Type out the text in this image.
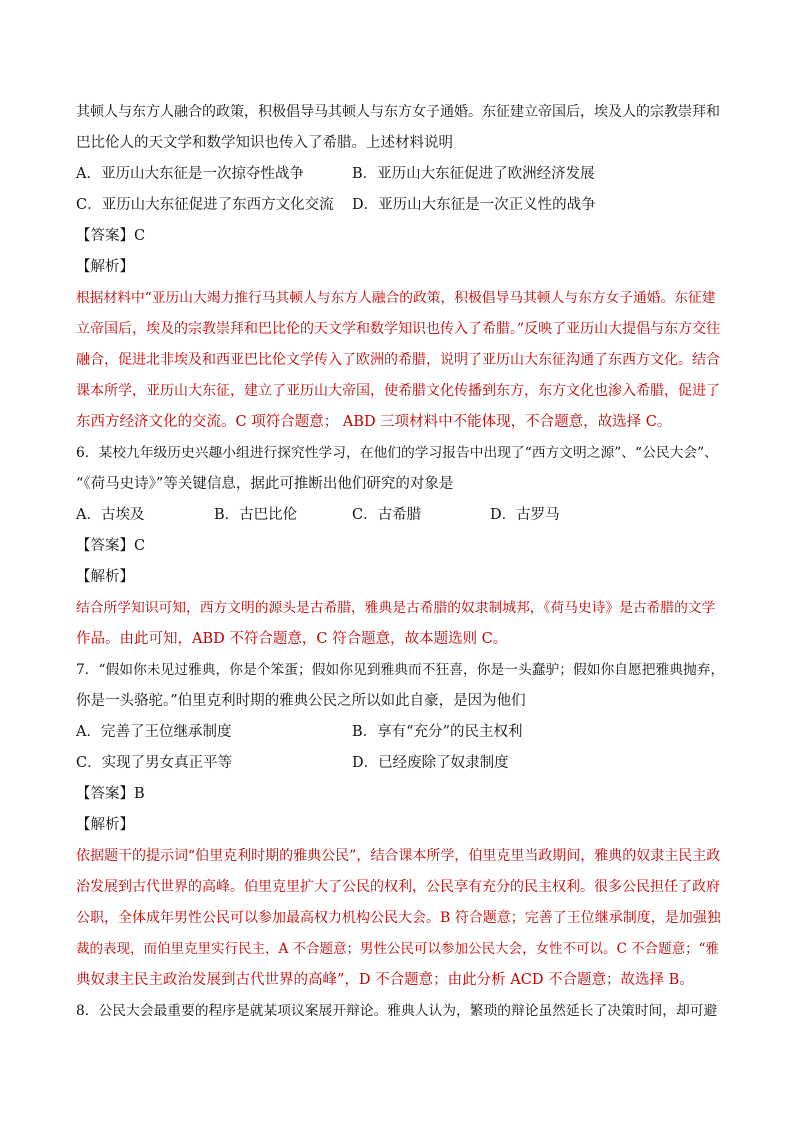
其顿人与东方人融合的政策，积极倡导马其顿人与东方女子通婚。东征建立帝国后，埃及人的宗教崇拜和
巴比伦人的天文学和数学知识也传入了希腊。上述材料说明
A．亚历山大东征是一次掠夺性战争	B．亚历山大东征促进了欧洲经济发展
C．亚历山大东征促进了东西方文化交流	D．亚历山大东征是一次正义性的战争
【答案】C
【解析】
根据材料中“亚历山大竭力推行马其顿人与东方人融合的政策，积极倡导马其顿人与东方女子通婚。东征建
立帝国后，埃及的宗教崇拜和巴比伦的天文学和数学知识也传入了希腊。”反映了亚历山大提倡与东方交往
融合，促进北非埃及和西亚巴比伦文学传入了欧洲的希腊，说明了亚历山大东征沟通了东西方文化。结合
课本所学，亚历山大东征，建立了亚历山大帝国，使希腊文化传播到东方，东方文化也渗入希腊，促进了
东西方经济文化的交流。C 项符合题意； ABD 三项材料中不能体现，不合题意，故选择 C。
6．某校九年级历史兴趣小组进行探究性学习，在他们的学习报告中出现了“西方文明之源”、“公民大会”、
“《荷马史诗》”等关键信息，据此可推断出他们研究的对象是
A．古埃及	B．古巴比伦	C．古希腊	D．古罗马
【答案】C
【解析】
结合所学知识可知，西方文明的源头是古希腊，雅典是古希腊的奴隶制城邦，《荷马史诗》是古希腊的文学
作品。由此可知，ABD 不符合题意，C 符合题意，故本题选则 C。
7．“假如你未见过雅典，你是个笨蛋；假如你见到雅典而不狂喜，你是一头蠢驴；假如你自愿把雅典抛弃，
你是一头骆驼。”伯里克利时期的雅典公民之所以如此自豪，是因为他们
A．完善了王位继承制度	B．享有“充分”的民主权利
C．实现了男女真正平等	D．已经废除了奴隶制度
【答案】B
【解析】
依据题干的提示词“伯里克利时期的雅典公民”，结合课本所学，伯里克里当政期间，雅典的奴隶主民主政
治发展到古代世界的高峰。伯里克里扩大了公民的权利，公民享有充分的民主权利。很多公民担任了政府
公职，全体成年男性公民可以参加最高权力机构公民大会。B 符合题意；完善了王位继承制度，是加强独
裁的表现，而伯里克里实行民主，A 不合题意；男性公民可以参加公民大会，女性不可以。C 不合题意；“雅
典奴隶主民主政治发展到古代世界的高峰”，D 不合题意；由此分析 ACD 不合题意；故选择 B。
8．公民大会最重要的程序是就某项议案展开辩论。雅典人认为，繁琐的辩论虽然延长了决策时间，却可避
